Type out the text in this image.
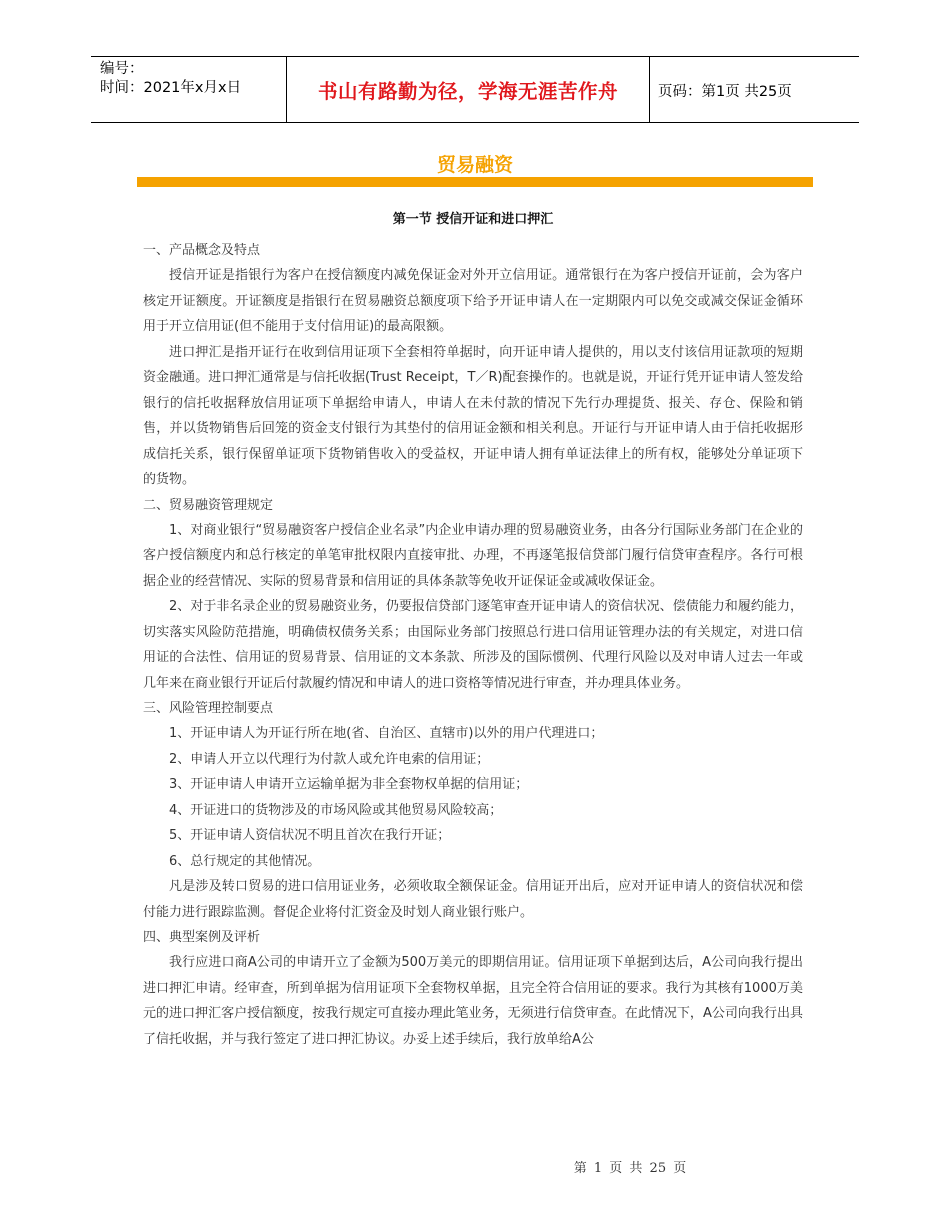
编号：
时间：2021年x月x日	书山有路勤为径，学海无涯苦作舟	页码：第1页 共25页
贸易融资
第一节 授信开证和进口押汇

一、产品概念及特点

授信开证是指银行为客户在授信额度内减免保证金对外开立信用证。通常银行在为客户授信开证前，会为客户核定开证额度。开证额度是指银行在贸易融资总额度项下给予开证申请人在一定期限内可以免交或减交保证金循环用于开立信用证(但不能用于支付信用证)的最高限额。

进口押汇是指开证行在收到信用证项下全套相符单据时，向开证申请人提供的，用以支付该信用证款项的短期资金融通。进口押汇通常是与信托收据(Trust Receipt，T／R)配套操作的。也就是说，开证行凭开证申请人签发给银行的信托收据释放信用证项下单据给申请人，申请人在未付款的情况下先行办理提货、报关、存仓、保险和销售，并以货物销售后回笼的资金支付银行为其垫付的信用证金额和相关利息。开证行与开证申请人由于信托收据形成信托关系，银行保留单证项下货物销售收入的受益权，开证申请人拥有单证法律上的所有权，能够处分单证项下的货物。

二、贸易融资管理规定

1、对商业银行“贸易融资客户授信企业名录”内企业申请办理的贸易融资业务，由各分行国际业务部门在企业的客户授信额度内和总行核定的单笔审批权限内直接审批、办理，不再逐笔报信贷部门履行信贷审查程序。各行可根据企业的经营情况、实际的贸易背景和信用证的具体条款等免收开证保证金或减收保证金。

2、对于非名录企业的贸易融资业务，仍要报信贷部门逐笔审查开证申请人的资信状况、偿债能力和履约能力，切实落实风险防范措施，明确债权债务关系；由国际业务部门按照总行进口信用证管理办法的有关规定，对进口信用证的合法性、信用证的贸易背景、信用证的文本条款、所涉及的国际惯例、代理行风险以及对申请人过去一年或几年来在商业银行开证后付款履约情况和申请人的进口资格等情况进行审查，并办理具体业务。

三、风险管理控制要点

1、开证申请人为开证行所在地(省、自治区、直辖市)以外的用户代理进口；

2、申请人开立以代理行为付款人或允许电索的信用证；

3、开证申请人申请开立运输单据为非全套物权单据的信用证；

4、开证进口的货物涉及的市场风险或其他贸易风险较高；

5、开证申请人资信状况不明且首次在我行开证；

6、总行规定的其他情况。

凡是涉及转口贸易的进口信用证业务，必须收取全额保证金。信用证开出后，应对开证申请人的资信状况和偿付能力进行跟踪监测。督促企业将付汇资金及时划人商业银行账户。

四、典型案例及评析

我行应进口商A公司的申请开立了金额为500万美元的即期信用证。信用证项下单据到达后，A公司向我行提出进口押汇申请。经审查，所到单据为信用证项下全套物权单据，且完全符合信用证的要求。我行为其核有1000万美元的进口押汇客户授信额度，按我行规定可直接办理此笔业务，无须进行信贷审查。在此情况下，A公司向我行出具了信托收据，并与我行签定了进口押汇协议。办妥上述手续后，我行放单给A公

第 1 页 共 25 页
